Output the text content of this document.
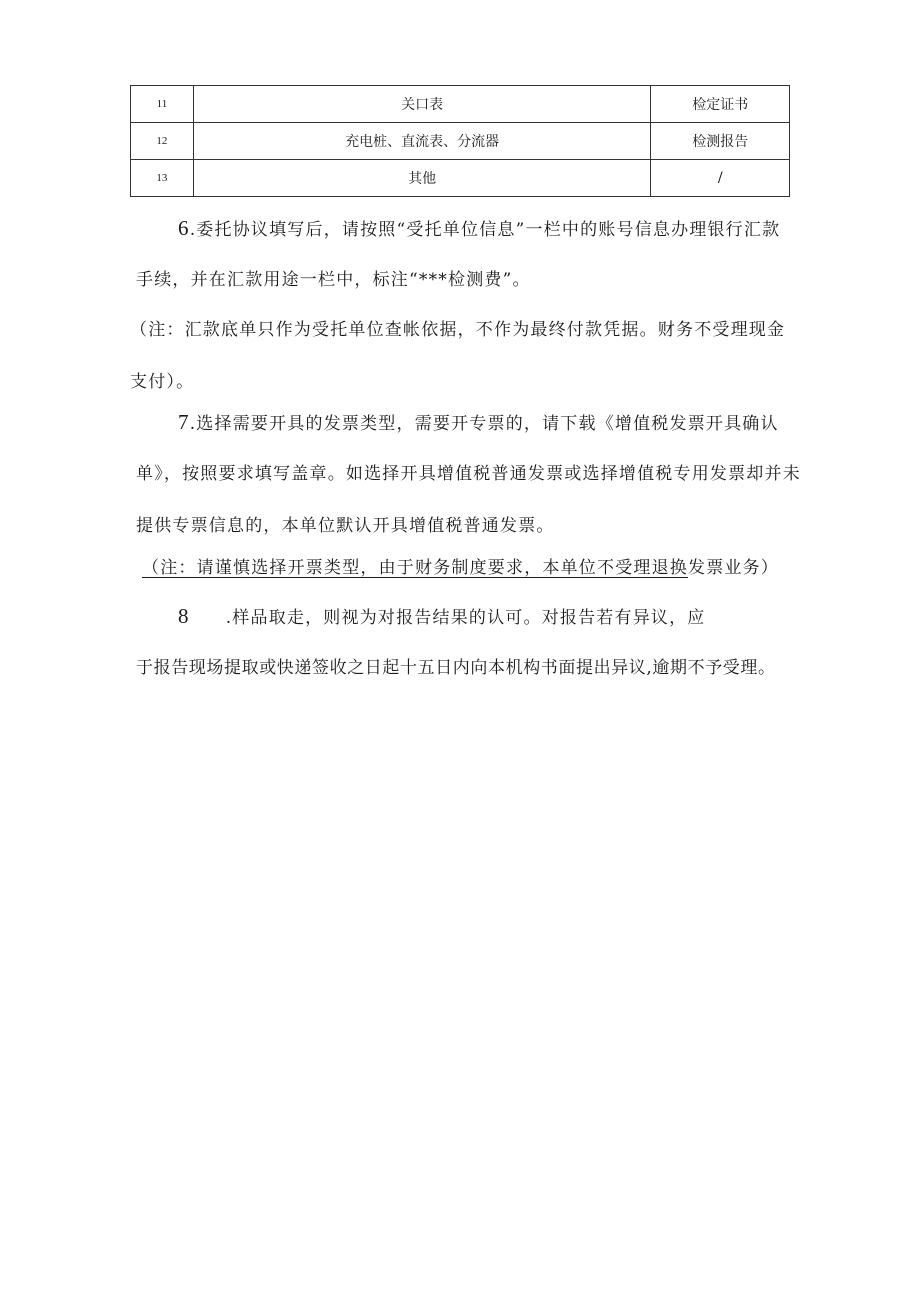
11	关口表	检定证书
12	充电桩、直流表、分流器	检测报告
13	其他	/
6.委托协议填写后，请按照“受托单位信息”一栏中的账号信息办理银行汇款
手续，并在汇款用途一栏中，标注“***检测费”。
（注：汇款底单只作为受托单位查帐依据，不作为最终付款凭据。财务不受理现金
支付）。
7.选择需要开具的发票类型，需要开专票的，请下载《增值税发票开具确认
单》，按照要求填写盖章。如选择开具增值税普通发票或选择增值税专用发票却并未
提供专票信息的，本单位默认开具增值税普通发票。
（注：请谨慎选择开票类型，由于财务制度要求，本单位不受理退换发票业务）
8 .样品取走，则视为对报告结果的认可。对报告若有异议，应
于报告现场提取或快递签收之日起十五日内向本机构书面提出异议,逾期不予受理。
